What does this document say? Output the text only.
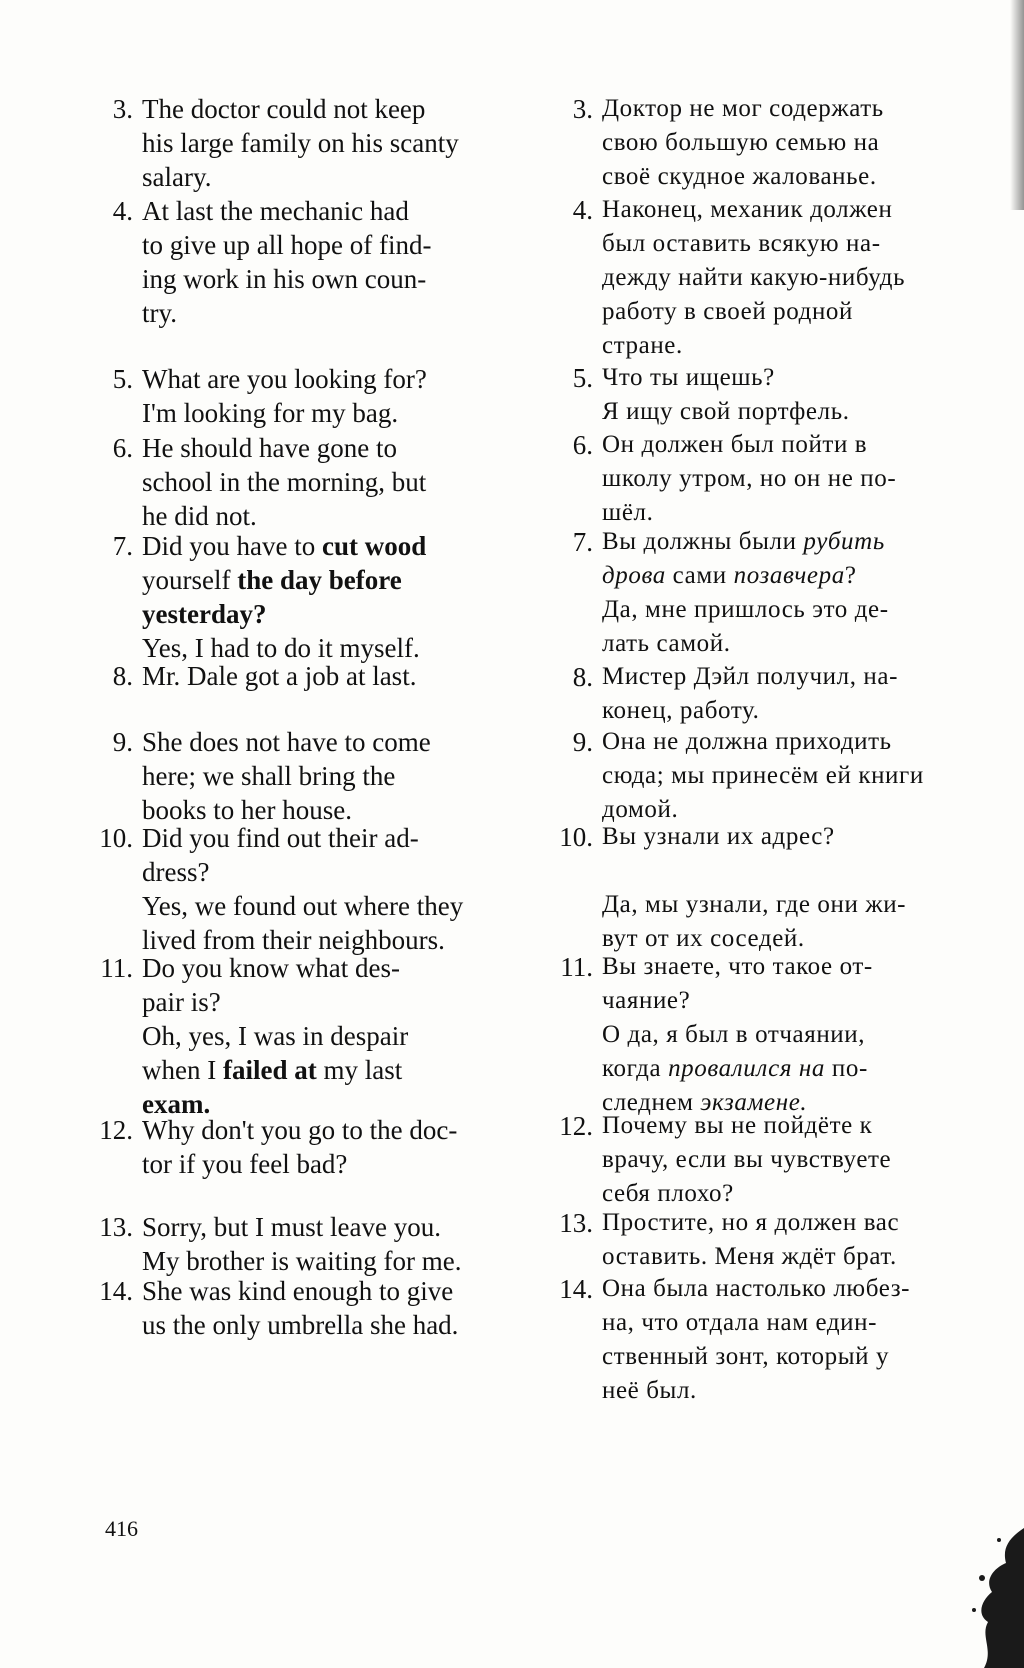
3. The doctor could not keep
his large family on his scanty
salary.
4. At last the mechanic had
to give up all hope of find-
ing work in his own coun-
try.
5. What are you looking for?
I'm looking for my bag.
6. He should have gone to
school in the morning, but
he did not.
7. Did you have to cut wood
yourself the day before
yesterday?
Yes, I had to do it myself.
8. Mr. Dale got a job at last.
9. She does not have to come
here; we shall bring the
books to her house.
10. Did you find out their ad-
dress?
Yes, we found out where they
lived from their neighbours.
11. Do you know what des-
pair is?
Oh, yes, I was in despair
when I failed at my last
exam.
12. Why don't you go to the doc-
tor if you feel bad?
13. Sorry, but I must leave you.
My brother is waiting for me.
14. She was kind enough to give
us the only umbrella she had.
3. Доктор не мог содержать
свою большую семью на
своё скудное жалованье.
4. Наконец, механик должен
был оставить всякую на-
дежду найти какую-нибудь
работу в своей родной
стране.
5. Что ты ищешь?
Я ищу свой портфель.
6. Он должен был пойти в
школу утром, но он не по-
шёл.
7. Вы должны были рубить
дрова сами позавчера?
Да, мне пришлось это де-
лать самой.
8. Мистер Дэйл получил, на-
конец, работу.
9. Она не должна приходить
сюда; мы принесём ей книги
домой.
10. Вы узнали их адрес?

Да, мы узнали, где они жи-
вут от их соседей.
11. Вы знаете, что такое от-
чаяние?
О да, я был в отчаянии,
когда провалился на по-
следнем экзамене.
12. Почему вы не пойдёте к
врачу, если вы чувствуете
себя плохо?
13. Простите, но я должен вас
оставить. Меня ждёт брат.
14. Она была настолько любез-
на, что отдала нам един-
ственный зонт, который у
неё был.
416
